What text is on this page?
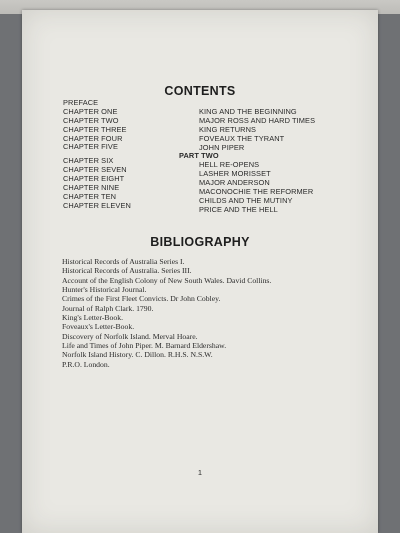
CONTENTS
PREFACE
CHAPTER ONE
CHAPTER TWO
CHAPTER THREE
CHAPTER FOUR
CHAPTER FIVE
CHAPTER SIX
CHAPTER SEVEN
CHAPTER EIGHT
CHAPTER NINE
CHAPTER TEN
CHAPTER ELEVEN
KING AND THE BEGINNING
MAJOR ROSS AND HARD TIMES
KING RETURNS
FOVEAUX THE TYRANT
JOHN PIPER
PART TWO
HELL RE-OPENS
LASHER MORISSET
MAJOR ANDERSON
MACONOCHIE THE REFORMER
CHILDS AND THE MUTINY
PRICE AND THE HELL
BIBLIOGRAPHY
Historical Records of Australia Series I.
Historical Records of Australia. Series III.
Account of the English Colony of New South Wales. David Collins.
Hunter's Historical Journal.
Crimes of the First Fleet Convicts. Dr John Cobley.
Journal of Ralph Clark. 1790.
King's Letter-Book.
Foveaux's Letter-Book.
Discovery of Norfolk Island. Merval Hoare.
Life and Times of John Piper. M. Barnard Eldershaw.
Norfolk Island History. C. Dillon. R.H.S. N.S.W.
P.R.O. London.
1
